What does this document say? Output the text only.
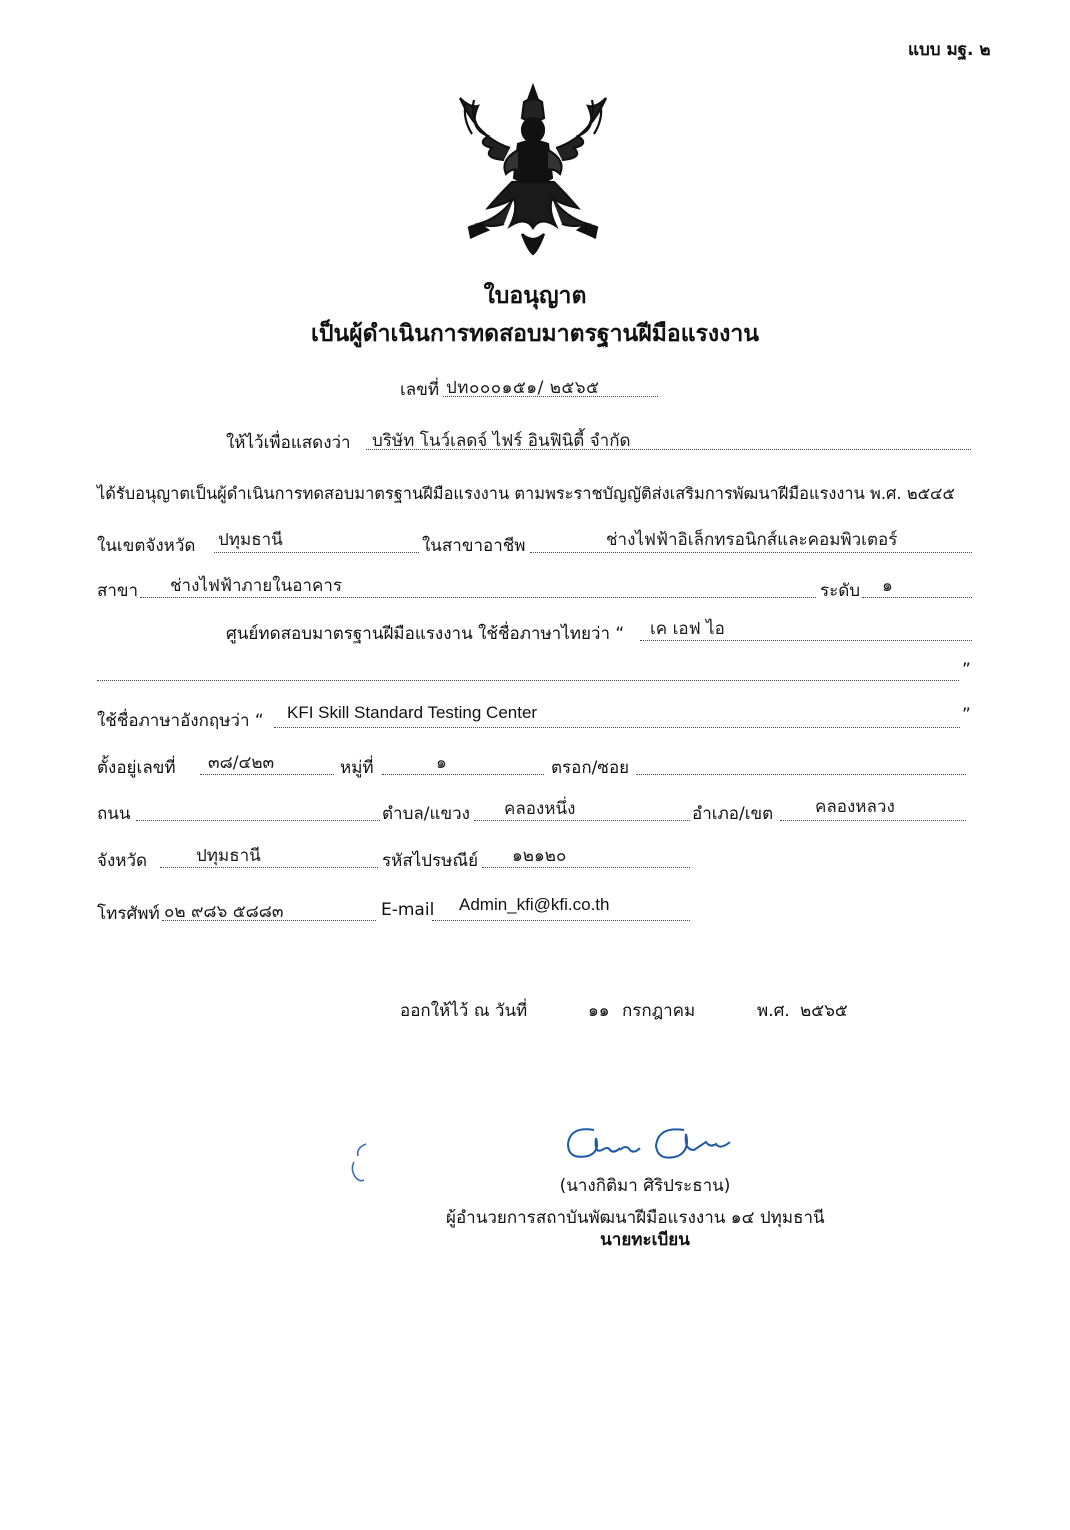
แบบ มฐ. ๒
ใบอนุญาต
เป็นผู้ดำเนินการทดสอบมาตรฐานฝีมือแรงงาน
เลขที่ ปท๐๐๐๑๕๑/ ๒๕๖๕
ให้ไว้เพื่อแสดงว่า บริษัท โนว์เลดจ์ ไฟร์ อินฟินิตี้ จำกัด
ได้รับอนุญาตเป็นผู้ดำเนินการทดสอบมาตรฐานฝีมือแรงงาน ตามพระราชบัญญัติส่งเสริมการพัฒนาฝีมือแรงงาน พ.ศ. ๒๕๔๕
ในเขตจังหวัด ปทุมธานี	ในสาขาอาชีพ	ช่างไฟฟ้าอิเล็กทรอนิกส์และคอมพิวเตอร์
สาขา ช่างไฟฟ้าภายในอาคาร	ระดับ ๑
ศูนย์ทดสอบมาตรฐานฝีมือแรงงาน ใช้ชื่อภาษาไทยว่า “ เค เอฟ ไอ
”
ใช้ชื่อภาษาอังกฤษว่า “ KFI Skill Standard Testing Center	”
ตั้งอยู่เลขที่ ๓๘/๔๒๓	หมู่ที่	๑	ตรอก/ซอย
ถนน	ตำบล/แขวง คลองหนึ่ง	อำเภอ/เขต คลองหลวง
จังหวัด	ปทุมธานี	รหัสไปรษณีย์ ๑๒๑๒๐
โทรศัพท์ ๐๒ ๙๘๖ ๕๘๘๓	E-mail Admin_kfi@kfi.co.th
ออกให้ไว้ ณ วันที่	๑๑ กรกฎาคม	พ.ศ. ๒๕๖๕
(นางกิติมา ศิริประธาน)
ผู้อำนวยการสถาบันพัฒนาฝีมือแรงงาน ๑๔ ปทุมธานี
นายทะเบียน
